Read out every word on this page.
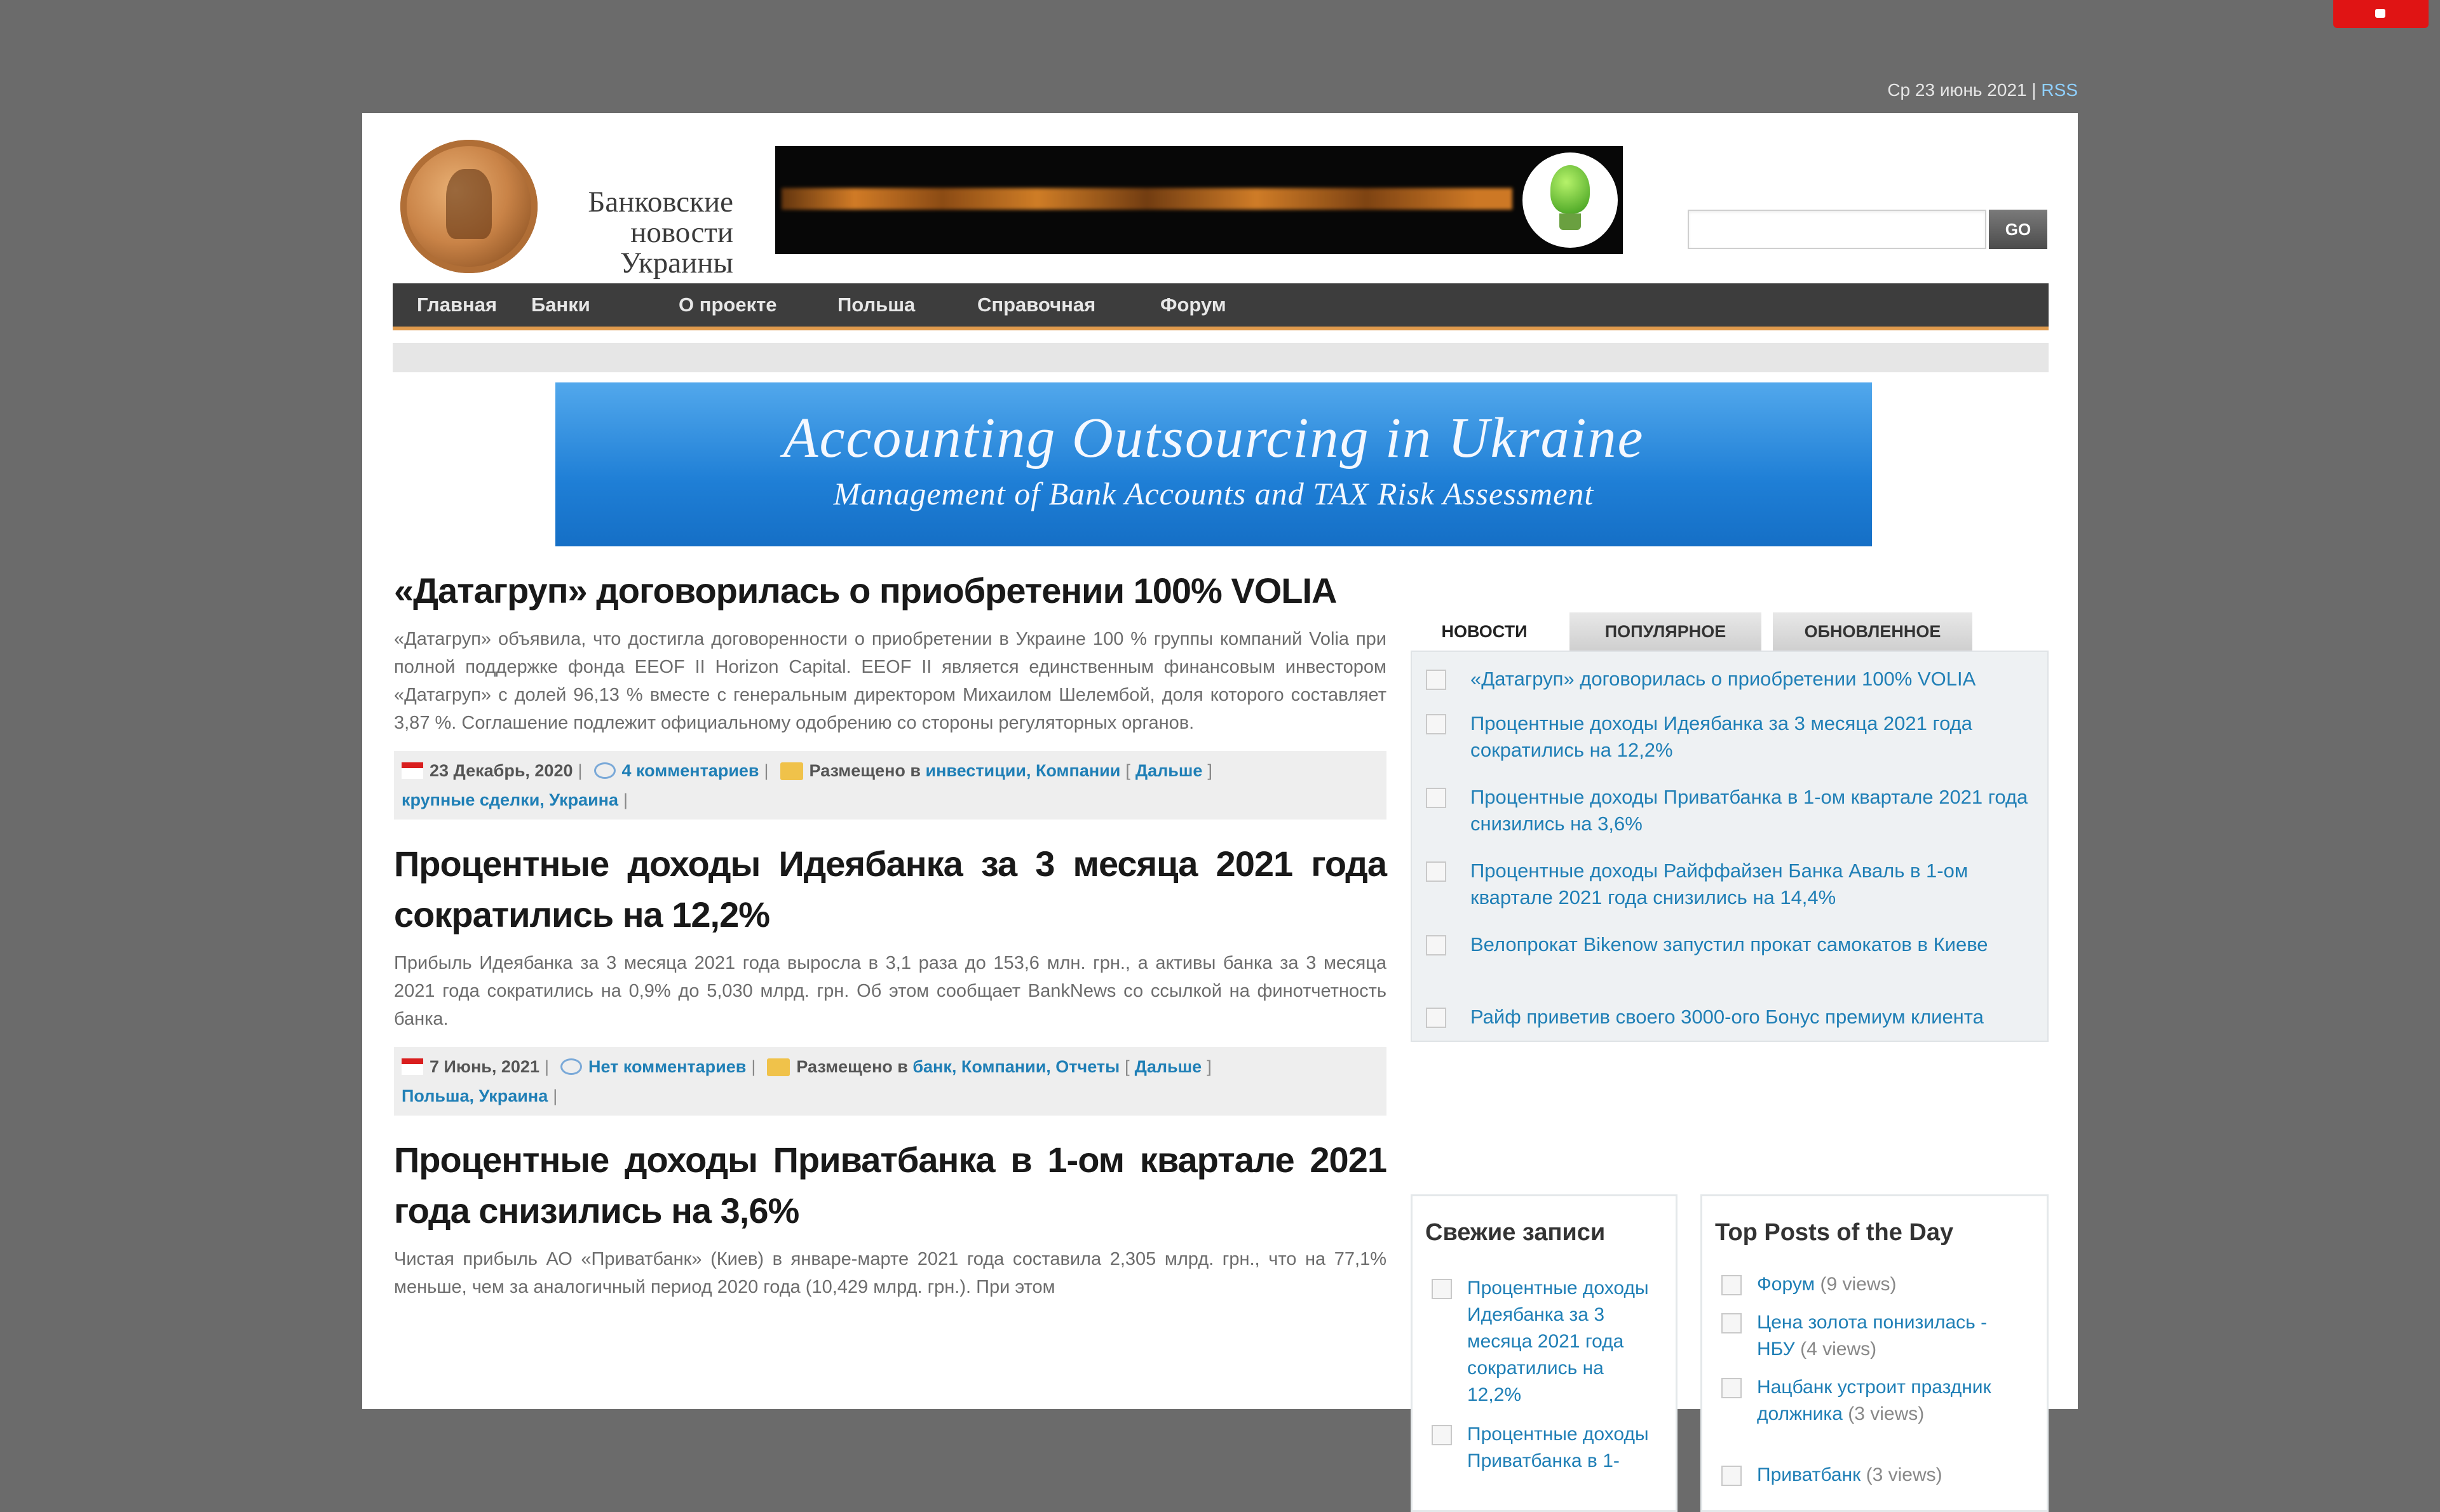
Ср 23 июнь 2021 | RSS
Банковские
новости
Украины
GO
Главная Банки	О проекте	Польша	Справочная	Форум
Accounting Outsourcing in Ukraine
Management of Bank Accounts and TAX Risk Assessment
«Датагруп» договорилась о приобретении 100% VOLIA
«Датагруп» объявила, что достигла договоренности о приобретении в Украине 100 % группы компаний Volia при полной поддержке фонда EEOF II Horizon Capital. EEOF II является единственным финансовым инвестором «Датагруп» с долей 96,13 % вместе с генеральным директором Михаилом Шелембой, доля которого составляет 3,87 %. Соглашение подлежит официальному одобрению со стороны регуляторных органов.
23 Декабрь, 2020 | 4 комментариев | Размещено в инвестиции, Компании [ Дальше ]
крупные сделки, Украина |
Процентные доходы Идеябанка за 3 месяца 2021 года сократились на 12,2%
Прибыль Идеябанка за 3 месяца 2021 года выросла в 3,1 раза до 153,6 млн. грн., а активы банка за 3 месяца 2021 года сократились на 0,9% до 5,030 млрд. грн. Об этом сообщает BankNews со ссылкой на финотчетность банка.
7 Июнь, 2021 | Нет комментариев | Размещено в банк, Компании, Отчеты [ Дальше ]
Польша, Украина |
Процентные доходы Приватбанка в 1-ом квартале 2021 года снизились на 3,6%
Чистая прибыль АО «Приватбанк» (Киев) в январе-марте 2021 года составила 2,305 млрд. грн., что на 77,1% меньше, чем за аналогичный период 2020 года (10,429 млрд. грн.). При этом
НОВОСТИ	ПОПУЛЯРНОЕ	ОБНОВЛЕННОЕ
«Датагруп» договорилась о приобретении 100% VOLIA
Процентные доходы Идеябанка за 3 месяца 2021 года сократились на 12,2%
Процентные доходы Приватбанка в 1-ом квартале 2021 года снизились на 3,6%
Процентные доходы Райффайзен Банка Аваль в 1-ом квартале 2021 года снизились на 14,4%
Велопрокат Bikenow запустил прокат самокатов в Киеве
Райф приветив своего 3000-ого Бонус премиум клиента
Свежие записи
Процентные доходы Идеябанка за 3 месяца 2021 года сократились на 12,2%
Процентные доходы Приватбанка в 1-
Top Posts of the Day
Форум (9 views)
Цена золота понизилась - НБУ (4 views)
Нацбанк устроит праздник должника (3 views)
Приватбанк (3 views)
